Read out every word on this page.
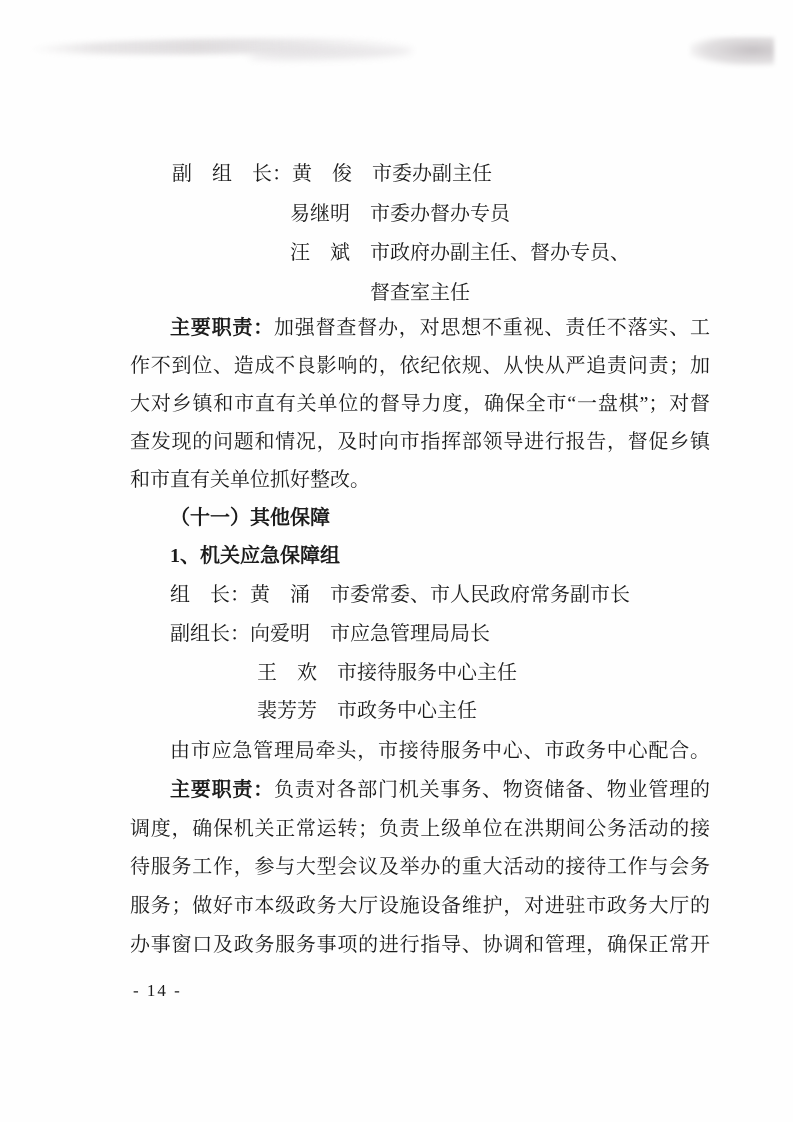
副　组　长：黄　俊　市委办副主任
易继明　市委办督办专员
汪　斌　市政府办副主任、督办专员、
督查室主任
主要职责：加强督查督办，对思想不重视、责任不落实、工
作不到位、造成不良影响的，依纪依规、从快从严追责问责；加
大对乡镇和市直有关单位的督导力度，确保全市“一盘棋”；对督
查发现的问题和情况，及时向市指挥部领导进行报告，督促乡镇
和市直有关单位抓好整改。
（十一）其他保障
1、机关应急保障组
组　长：黄　涌　市委常委、市人民政府常务副市长
副组长：向爱明　市应急管理局局长
王　欢　市接待服务中心主任
裴芳芳　市政务中心主任
由市应急管理局牵头，市接待服务中心、市政务中心配合。
主要职责：负责对各部门机关事务、物资储备、物业管理的
调度，确保机关正常运转；负责上级单位在洪期间公务活动的接
待服务工作，参与大型会议及举办的重大活动的接待工作与会务
服务；做好市本级政务大厅设施设备维护，对进驻市政务大厅的
办事窗口及政务服务事项的进行指导、协调和管理，确保正常开
- 14 -
